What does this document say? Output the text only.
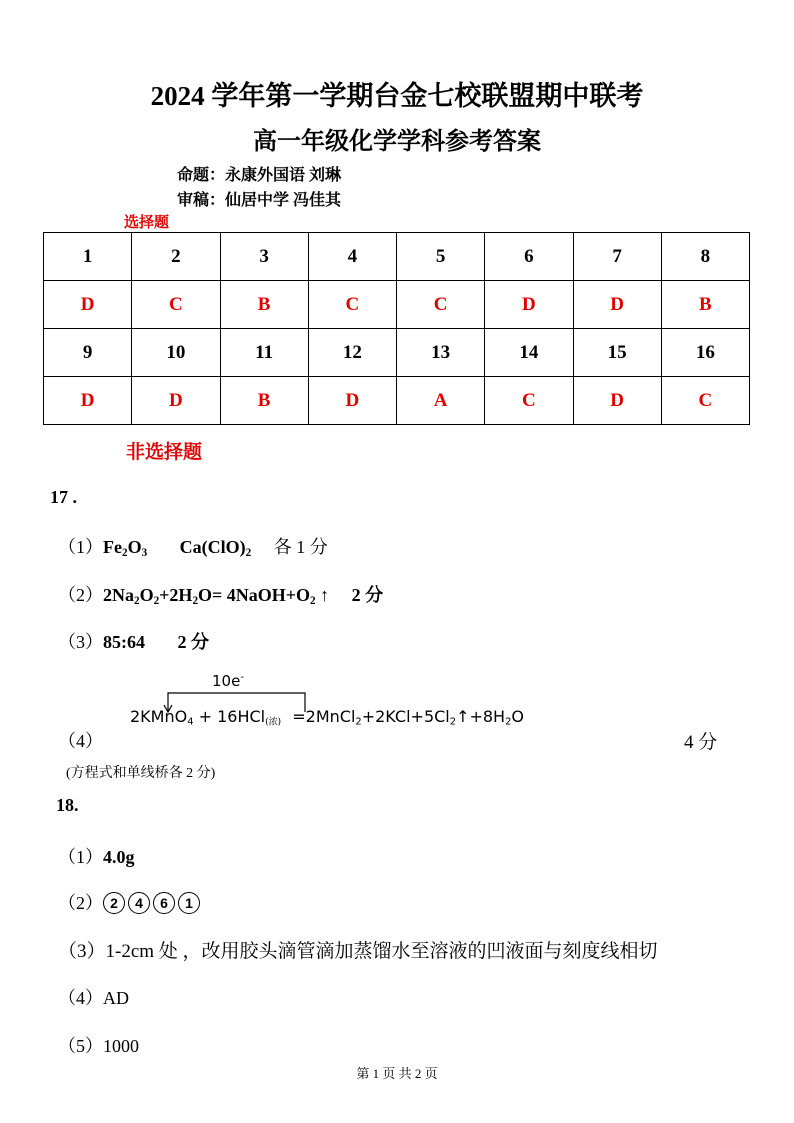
2024 学年第一学期台金七校联盟期中联考
高一年级化学学科参考答案
命题：永康外国语 刘琳
审稿：仙居中学 冯佳其
选择题
1	2	3	4	5	6	7	8
D	C	B	C	C	D	D	B
9	10	11	12	13	14	15	16
D	D	B	D	A	C	D	C
非选择题
17 .
$(1)Fe_2O_3$ $Ca(ClO)_2$ 各 1 分
$(2)2Na_2O_2+2H_2O=$ $4NaOH+O_2$ ↑ 2 分
（3）85:64 2 分
10e-
2KMnO$_4$ + $16HCl_{(浓)} =2MnCl_2+2KCl+5Cl_2↑+8H_2O$
（4）	4 分
(方程式和单线桥各 2 分)
18.
（1）4.0g
（2） 2 4 6 1
（3）1-2cm 处 ，改用胶头滴管滴加蒸馏水至溶液的凹液面与刻度线相切
（4）AD
（5）1000
第 1 页 共 2 页
